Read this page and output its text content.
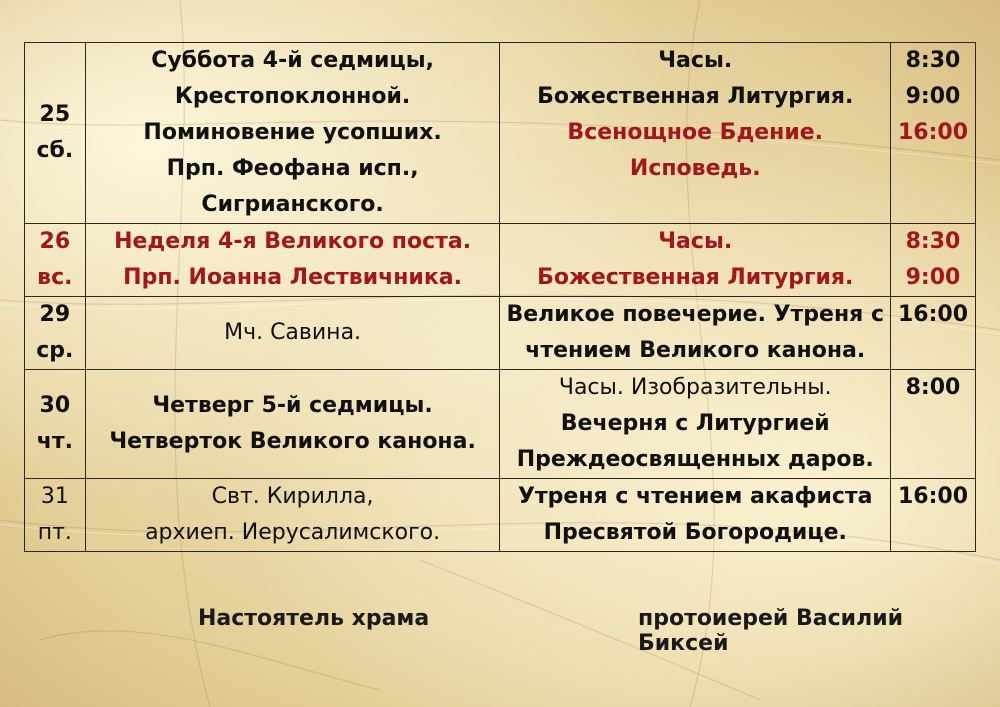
25
сб.	Суббота 4-й седмицы,
Крестопоклонной.
Поминовение усопших.
Прп. Феофана исп.,
Сигрианского.	Часы.
Божественная Литургия.
Всенощное Бдение. Исповедь.	8:30
9:00
16:00

26
вс.	Неделя 4-я Великого поста.
Прп. Иоанна Лествичника.	Часы.
Божественная Литургия.	8:30
9:00

29
ср.	Мч. Савина.	Великое повечерие. Утреня с
чтением Великого канона.	16:00

30
чт.	Четверг 5-й седмицы.
Четверток Великого канона.	Часы. Изобразительны.
Вечерня с Литургией
Преждеосвященных даров.	8:00

31
пт.	Свт. Кирилла,
архиеп. Иерусалимского.	Утреня с чтением акафиста
Пресвятой Богородице.	16:00
Настоятель храма	протоиерей Василий Биксей
